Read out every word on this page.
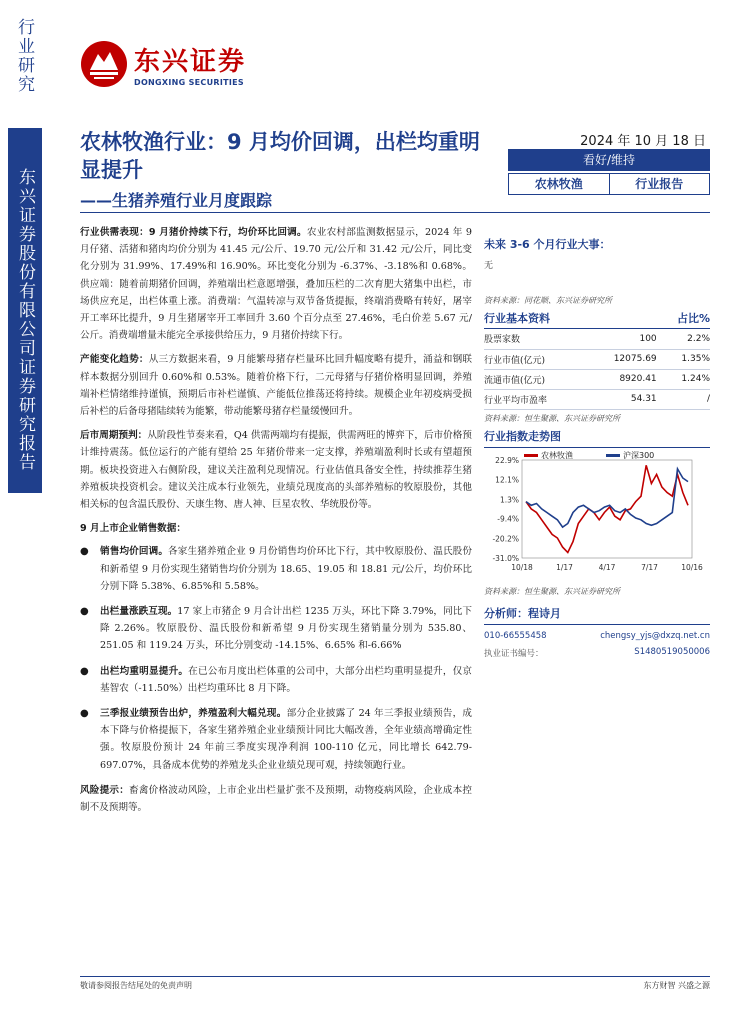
行业研究
东兴证券股份有限公司证券研究报告
东兴证券
DONGXING SECURITIES
农林牧渔行业：9 月均价回调，出栏均重明显提升
——生猪养殖行业月度跟踪
2024 年 10 月 18 日
看好/维持
农林牧渔	行业报告

行业供需表现：9 月猪价持续下行，均价环比回调。农业农村部监测数据显示，2024 年 9 月仔猪、活猪和猪肉均价分别为 41.45 元/公斤、19.70 元/公斤和 31.42 元/公斤，同比变化分别为 31.99%、17.49%和 16.90%。环比变化分别为 -6.37%、-3.18%和 0.68%。供应端：随着前期猪价回调，养殖端出栏意愿增强，叠加压栏的二次育肥大猪集中出栏，市场供应充足，出栏体重上涨。消费端：气温转凉与双节备货提振，终端消费略有转好，屠宰开工率环比提升，9 月生猪屠宰开工率回升 3.60 个百分点至 27.46%，毛白价差 5.67 元/公斤。消费端增量未能完全承接供给压力，9 月猪价持续下行。

产能变化趋势：从三方数据来看，9 月能繁母猪存栏量环比回升幅度略有提升，涌益和钢联样本数据分别回升 0.60%和 0.53%。随着价格下行，二元母猪与仔猪价格明显回调，养殖端补栏情绪维持谨慎，预期后市补栏谨慎、产能低位推荡还将持续。规模企业年初疫病受损后补栏的后备母猪陆续转为能繁，带动能繁母猪存栏量缓慢回升。

后市周期预判：从阶段性节奏来看，Q4 供需两端均有提振，供需两旺的博弈下，后市价格预计维持震荡。低位运行的产能有望给 25 年猪价带来一定支撑，养殖端盈利时长或有望超预期。板块投资进入右侧阶段，建议关注盈利兑现情况。行业估值具备安全性，持续推荐生猪养殖板块投资机会。建议关注成本行业领先，业绩兑现度高的头部养殖标的牧原股份，其他相关标的包含温氏股份、天康生物、唐人神、巨星农牧、华统股份等。

9 月上市企业销售数据：
●	销售均价回调。各家生猪养殖企业 9 月份销售均价环比下行，其中牧原股份、温氏股份和新希望 9 月份实现生猪销售均价分别为 18.65、19.05 和 18.81 元/公斤，均价环比分别下降 5.38%、6.85%和 5.58%。
●	出栏量涨跌互现。17 家上市猪企 9 月合计出栏 1235 万头，环比下降 3.79%，同比下降 2.26%。牧原股份、温氏股份和新希望 9 月份实现生猪销量分别为 535.80、251.05 和 119.24 万头，环比分别变动 -14.15%、6.65% 和-6.66%
●	出栏均重明显提升。在已公布月度出栏体重的公司中，大部分出栏均重明显提升，仅京基智农（-11.50%）出栏均重环比 8 月下降。
●	三季报业绩预告出炉，养殖盈利大幅兑现。部分企业披露了 24 年三季报业绩预告，成本下降与价格提振下，各家生猪养殖企业业绩预计同比大幅改善，全年业绩高增确定性强。牧原股份预计 24 年前三季度实现净利润 100-110 亿元，同比增长 642.79-697.07%，具备成本优势的养殖龙头企业业绩兑现可观，持续领跑行业。

风险提示：畜禽价格波动风险，上市企业出栏量扩张不及预期，动物疫病风险，企业成本控制不及预期等。

未来 3-6 个月行业大事：
无
资料来源：同花顺、东兴证券研究所
行业基本资料	占比%
股票家数	100	2.2%
行业市值(亿元)	12075.69	1.35%
流通市值(亿元)	8920.41	1.24%
行业平均市盈率	54.31	/
资料来源：恒生聚源、东兴证券研究所
行业指数走势图
22.9%
12.1%
1.3%
-9.4%
-20.2%
-31.0%
10/18	1/17	4/17	7/17	10/16
农林牧渔	沪深300
资料来源：恒生聚源、东兴证券研究所
分析师：程诗月
010-66555458	chengsy_yjs@dxzq.net.cn
执业证书编号：	S1480519050006
敬请参阅报告结尾处的免责声明	东方财智 兴盛之源
